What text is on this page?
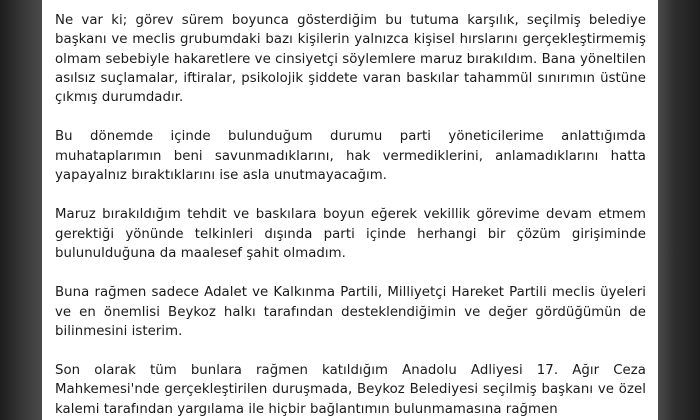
Ne var ki; görev sürem boyunca gösterdiğim bu tutuma karşılık, seçilmiş belediye başkanı ve meclis grubumdaki bazı kişilerin yalnızca kişisel hırslarını gerçekleştirmemiş olmam sebebiyle hakaretlere ve cinsiyetçi söylemlere maruz bırakıldım. Bana yöneltilen asılsız suçlamalar, iftiralar, psikolojik şiddete varan baskılar tahammül sınırımın üstüne çıkmış durumdadır.

Bu dönemde içinde bulunduğum durumu parti yöneticilerime anlattığımda muhataplarımın beni savunmadıklarını, hak vermediklerini, anlamadıklarını hatta yapayalnız bıraktıklarını ise asla unutmayacağım.

Maruz bırakıldığım tehdit ve baskılara boyun eğerek vekillik görevime devam etmem gerektiği yönünde telkinleri dışında parti içinde herhangi bir çözüm girişiminde bulunulduğuna da maalesef şahit olmadım.

Buna rağmen sadece Adalet ve Kalkınma Partili, Milliyetçi Hareket Partili meclis üyeleri ve en önemlisi Beykoz halkı tarafından desteklendiğimin ve değer gördüğümün de bilinmesini isterim.

Son olarak tüm bunlara rağmen katıldığım Anadolu Adliyesi 17. Ağır Ceza Mahkemesi'nde gerçekleştirilen duruşmada, Beykoz Belediyesi seçilmiş başkanı ve özel kalemi tarafından yargılama ile hiçbir bağlantımın bulunmamasına rağmen
